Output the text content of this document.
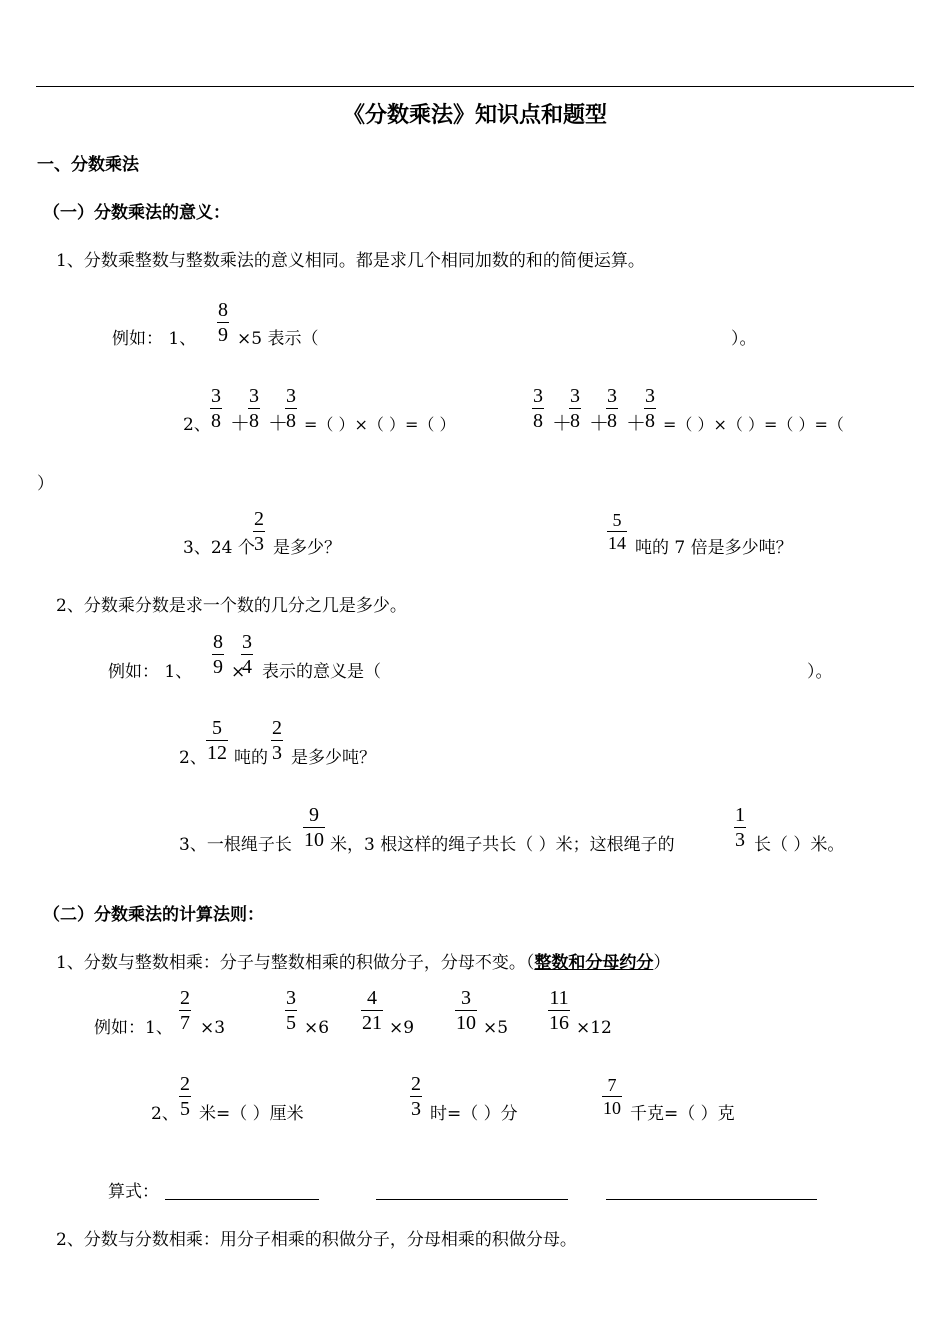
《分数乘法》知识点和题型
一、分数乘法
（一）分数乘法的意义：
1、分数乘整数与整数乘法的意义相同。都是求几个相同加数的和的简便运算。
例如： 1、 $\frac{8}{9} \times 5$ 表示（	）。
2、 $\frac{3}{8}$ ＋
$\frac{3}{8}$ ＋
$\frac{3}{8}$ =（ ）×（ ）=（ ）	$\frac{3}{8}$ ＋
$\frac{3}{8}$ ＋
$\frac{3}{8}$ ＋
$\frac{3}{8}$ =（ ）×（ ）=（ ）=（
）
3、24 个
$\frac{2}{3}$ 是多少？	$\frac{5}{14}$ 吨的 7 倍是多少吨？
2、分数乘分数是求一个数的几分之几是多少。
例如： 1、 $\frac{8}{9}$ ×
$\frac{3}{4}$ 表示的意义是（	）。
2、 $\frac{5}{12}$ 吨的 $\frac{2}{3}$ 是多少吨？
3、一根绳子长 $\frac{9}{10}$ 米，3 根这样的绳子共长（ ）米；这根绳子的	$\frac{1}{3}$ 长（ ）米。
（二）分数乘法的计算法则：
1、分数与整数相乘：分子与整数相乘的积做分子，分母不变。（整数和分母约分）
例如：1、 $\frac{2}{7} \times 3$	$\frac{3}{5} \times 6 \frac{4}{21} \times 9 \frac{3}{10} \times 5 \frac{11}{16} \times 12$
2、 $\frac{2}{5}$ 米=（ ）厘米	$\frac{2}{3}$ 时=（ ）分	$\frac{7}{10}$ 千克=（ ）克
算式：
2、分数与分数相乘：用分子相乘的积做分子，分母相乘的积做分母。
